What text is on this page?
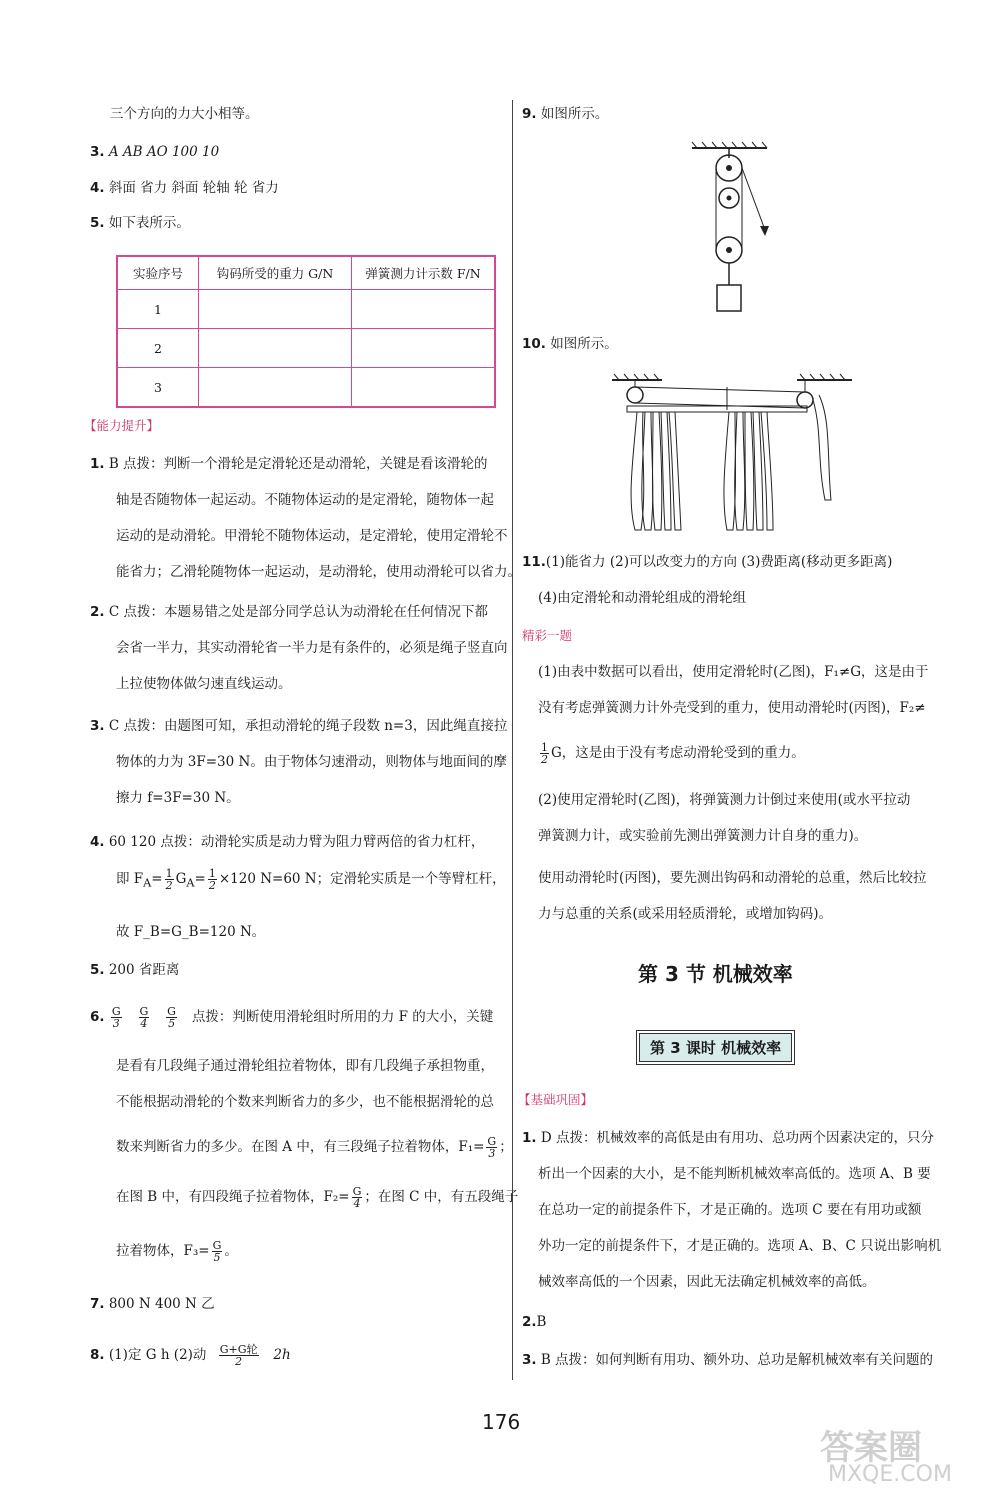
三个方向的力大小相等。
3. A AB AO 100 10
4. 斜面 省力 斜面 轮轴 轮 省力
5. 如下表所示。
实验序号	钩码所受的重力 G/N	弹簧测力计示数 F/N
1		
2		
3		
【能力提升】
1. B 点拨：判断一个滑轮是定滑轮还是动滑轮，关键是看该滑轮的
轴是否随物体一起运动。不随物体运动的是定滑轮，随物体一起
运动的是动滑轮。甲滑轮不随物体运动，是定滑轮，使用定滑轮不
能省力；乙滑轮随物体一起运动，是动滑轮，使用动滑轮可以省力。
2. C 点拨：本题易错之处是部分同学总认为动滑轮在任何情况下都
会省一半力，其实动滑轮省一半力是有条件的，必须是绳子竖直向
上拉使物体做匀速直线运动。
3. C 点拨：由题图可知，承担动滑轮的绳子段数 n=3，因此绳直接拉
物体的力为 3F=30 N。由于物体匀速滑动，则物体与地面间的摩
擦力 f=3F=30 N。
4. 60 120 点拨：动滑轮实质是动力臂为阻力臂两倍的省力杠杆，
即 $F_A= \frac{1}{2} G_A= \frac{1}{2} \times 120$ N=60 N；定滑轮实质是一个等臂杠杆，
故 F_B=G_B=120 N。
5. 200 省距离
6. $\frac{G}{3}$
$\frac{G}{4}$
$\frac{G}{5}$ 点拨：判断使用滑轮组时所用的力 F 的大小，关键
是看有几段绳子通过滑轮组拉着物体，即有几段绳子承担物重，
不能根据动滑轮的个数来判断省力的多少，也不能根据滑轮的总
数来判断省力的多少。在图 A 中，有三段绳子拉着物体，$F_1= \frac{G}{3}$ ；
在图 B 中，有四段绳子拉着物体，$F_2= \frac{G}{4}$ ；在图 C 中，有五段绳子
拉着物体，$F_3= \frac{G}{5}$ 。
7. 800 N 400 N 乙
8. (1)定 G h (2)动 $\frac{\text{G+G轮}}{2} 2h$
9. 如图所示。
10. 如图所示。
11.(1)能省力 (2)可以改变力的方向 (3)费距离(移动更多距离)
(4)由定滑轮和动滑轮组成的滑轮组
精彩一题
(1)由表中数据可以看出，使用定滑轮时(乙图)，F₁≠G，这是由于
没有考虑弹簧测力计外壳受到的重力，使用动滑轮时(丙图)，F₂≠
$\frac{1}{2}$ G，这是由于没有考虑动滑轮受到的重力。
(2)使用定滑轮时(乙图)，将弹簧测力计倒过来使用(或水平拉动
弹簧测力计，或实验前先测出弹簧测力计自身的重力)。
使用动滑轮时(丙图)，要先测出钩码和动滑轮的总重，然后比较拉
力与总重的关系(或采用轻质滑轮，或增加钩码)。
第 3 节 机械效率
第 3 课时 机械效率
【基础巩固】
1. D 点拨：机械效率的高低是由有用功、总功两个因素决定的，只分
析出一个因素的大小，是不能判断机械效率高低的。选项 A、B 要
在总功一定的前提条件下，才是正确的。选项 C 要在有用功或额
外功一定的前提条件下，才是正确的。选项 A、B、C 只说出影响机
械效率高低的一个因素，因此无法确定机械效率的高低。
2.B
3. B 点拨：如何判断有用功、额外功、总功是解机械效率有关问题的
176
答案圈
MXQE.COM
